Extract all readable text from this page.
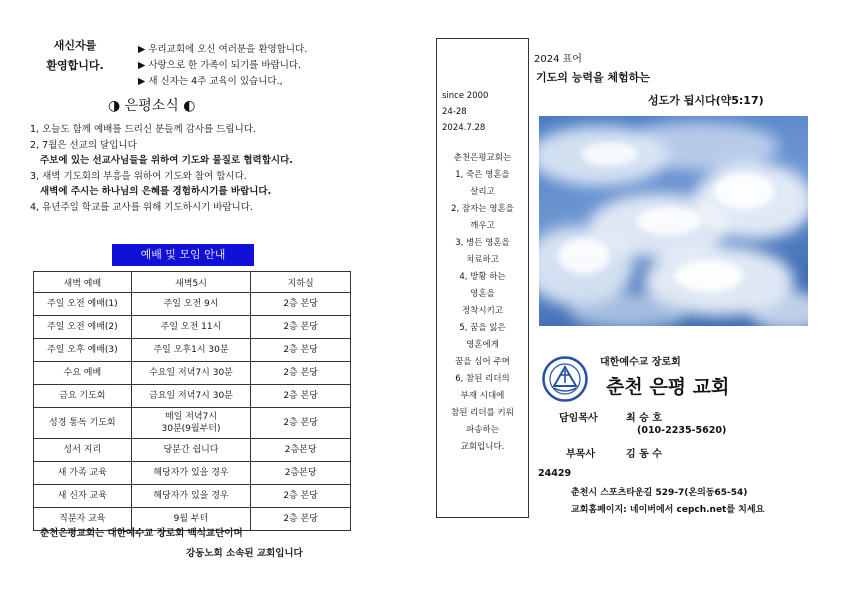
새신자를
환영합니다.
▶ 우리교회에 오신 여러분을 환영합니다.
▶ 사랑으로 한 가족이 되기를 바랍니다.
▶ 새 신자는 4주 교육이 있습니다.,
◑ 은평소식 ◐
1, 오늘도 함께 예배를 드리신 분들께 감사를 드립니다.
2, 7월은 선교의 달입니다
주보에 있는 선교사님들을 위하여 기도와 물질로 협력합시다.
3, 새벽 기도회의 부흥을 위하여 기도와 참여 합시다.
새벽에 주시는 하나님의 은혜를 경험하시기를 바랍니다.
4, 유년주일 학교를 교사를 위해 기도하시기 바랍니다.
예배 및 모임 안내
새벽 예배	새벽5시	지하실
주일 오전 예배(1)	주일 오전 9시	2층 본당
주일 오전 예배(2)	주일 오전 11시	2층 본당
주일 오후 예배(3)	주일 오후1시 30분	2층 본당
수요 예배	수요일 저녁7시 30분	2층 본당
금요 기도회	금요일 저녁7시 30분	2층 본당
성경 통독 기도회	매일 저녁7시
30분(9월부터)	2층 본당
성서 지리	당분간 쉽니다	2층본당
새 가족 교육	해당자가 있을 경우	2층본당
새 신자 교육	해당자가 있을 경우	2층 본당
직분자 교육	9월 부터	2층 본당
춘천은평교회는 대한예수교 장로회 백석교단이며
강동노회 소속된 교회입니다
since 2000
24-28
2024.7.28
춘천은평교회는
1, 죽은 영혼을
살리고
2, 잠자는 영혼을
깨우고
3, 병든 영혼을
치료하고
4, 방황 하는
영혼을
정착시키고
5, 꿈을 잃은
영혼에게
꿈을 심어 주며
6, 참된 리더의
부재 시대에
참된 리더를 키워
파송하는
교회입니다.
2024 표어
기도의 능력을 체험하는
성도가 됩시다(약5:17)
대한예수교 장로회
춘천 은평 교회
담임목사	최 승 호
(010-2235-5620)
부목사	김 동 수
24429
춘천시 스포츠타운길 529-7(온의동65-54)
교회홈페이지: 네이버에서 cepch.net를 치세요
